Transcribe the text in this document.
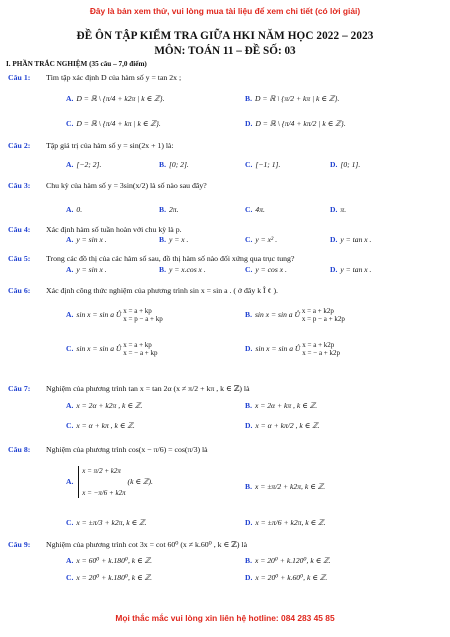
Đây là bản xem thử, vui lòng mua tài liệu để xem chi tiết (có lời giải)
ĐỀ ÔN TẬP KIỂM TRA GIỮA HKI NĂM HỌC 2022 – 2023
MÔN: TOÁN 11 – ĐỀ SỐ: 03
I. PHẦN TRẮC NGHIỆM (35 câu – 7,0 điểm)
Câu 1: Tìm tập xác định D của hàm số y = tan 2x ;
A. D = ℝ \ {π/4 + k2π | k ∈ ℤ}.	B. D = ℝ \ {π/2 + kπ | k ∈ ℤ}.
C. D = ℝ \ {π/4 + kπ | k ∈ ℤ}.	D. D = ℝ \ {π/4 + kπ/2 | k ∈ ℤ}.
Câu 2: Tập giá trị của hàm số y = sin(2x + 1) là:
A. [−2; 2].	B. [0; 2].	C. [−1; 1].	D. [0; 1].
Câu 3: Chu kỳ của hàm số y = 3sin(x/2) là số nào sau đây?
A. 0.	B. 2π.	C. 4π.	D. π.
Câu 4: Xác định hàm số tuần hoàn với chu kỳ là p.
A. y = sin x .	B. y = x .	C. y = x² .	D. y = tan x .
Câu 5: Trong các đồ thị của các hàm số sau, đồ thị hàm số nào đối xứng qua trục tung?
A. y = sin x .	B. y = x.cos x .	C. y = cos x .	D. y = tan x .
Câu 6: Xác định công thức nghiệm của phương trình sin x = sin a . ( ở đây k Î ¢ ).
A. sin x = sin a Û x = a + kp
x = p − a + kp
B. sin x = sin a Û x = a + k2p
x = p − a + k2p
C. sin x = sin a Û x = a + kp
x = − a + kp
D. sin x = sin a Û x = a + k2p
x = − a + k2p
Câu 7: Nghiệm của phương trình tan x = tan 2α (x ≠ π/2 + kπ , k ∈ ℤ) là
A. x = 2α + k2π , k ∈ ℤ.	B. x = 2α + kπ , k ∈ ℤ.
C. x = α + kπ , k ∈ ℤ.	D. x = α + kπ/2 , k ∈ ℤ.
Câu 8: Nghiệm của phương trình cos(x − π/6) = cos(π/3) là
A.
x = π/2 + k2π
x = −π/6 + k2π
(k ∈ ℤ).
B. x = ±π/2 + k2π, k ∈ ℤ.
C. x = ±π/3 + k2π, k ∈ ℤ.	D. x = ±π/6 + k2π, k ∈ ℤ.
Câu 9: Nghiệm của phương trình cot 3x = cot 60⁰ (x ≠ k.60⁰ , k ∈ ℤ) là
A. x = 60⁰ + k.180⁰, k ∈ ℤ.	B. x = 20⁰ + k.120⁰, k ∈ ℤ.
C. x = 20⁰ + k.180⁰, k ∈ ℤ.	D. x = 20⁰ + k.60⁰, k ∈ ℤ.
Mọi thắc mắc vui lòng xin liên hệ hotline: 084 283 45 85
